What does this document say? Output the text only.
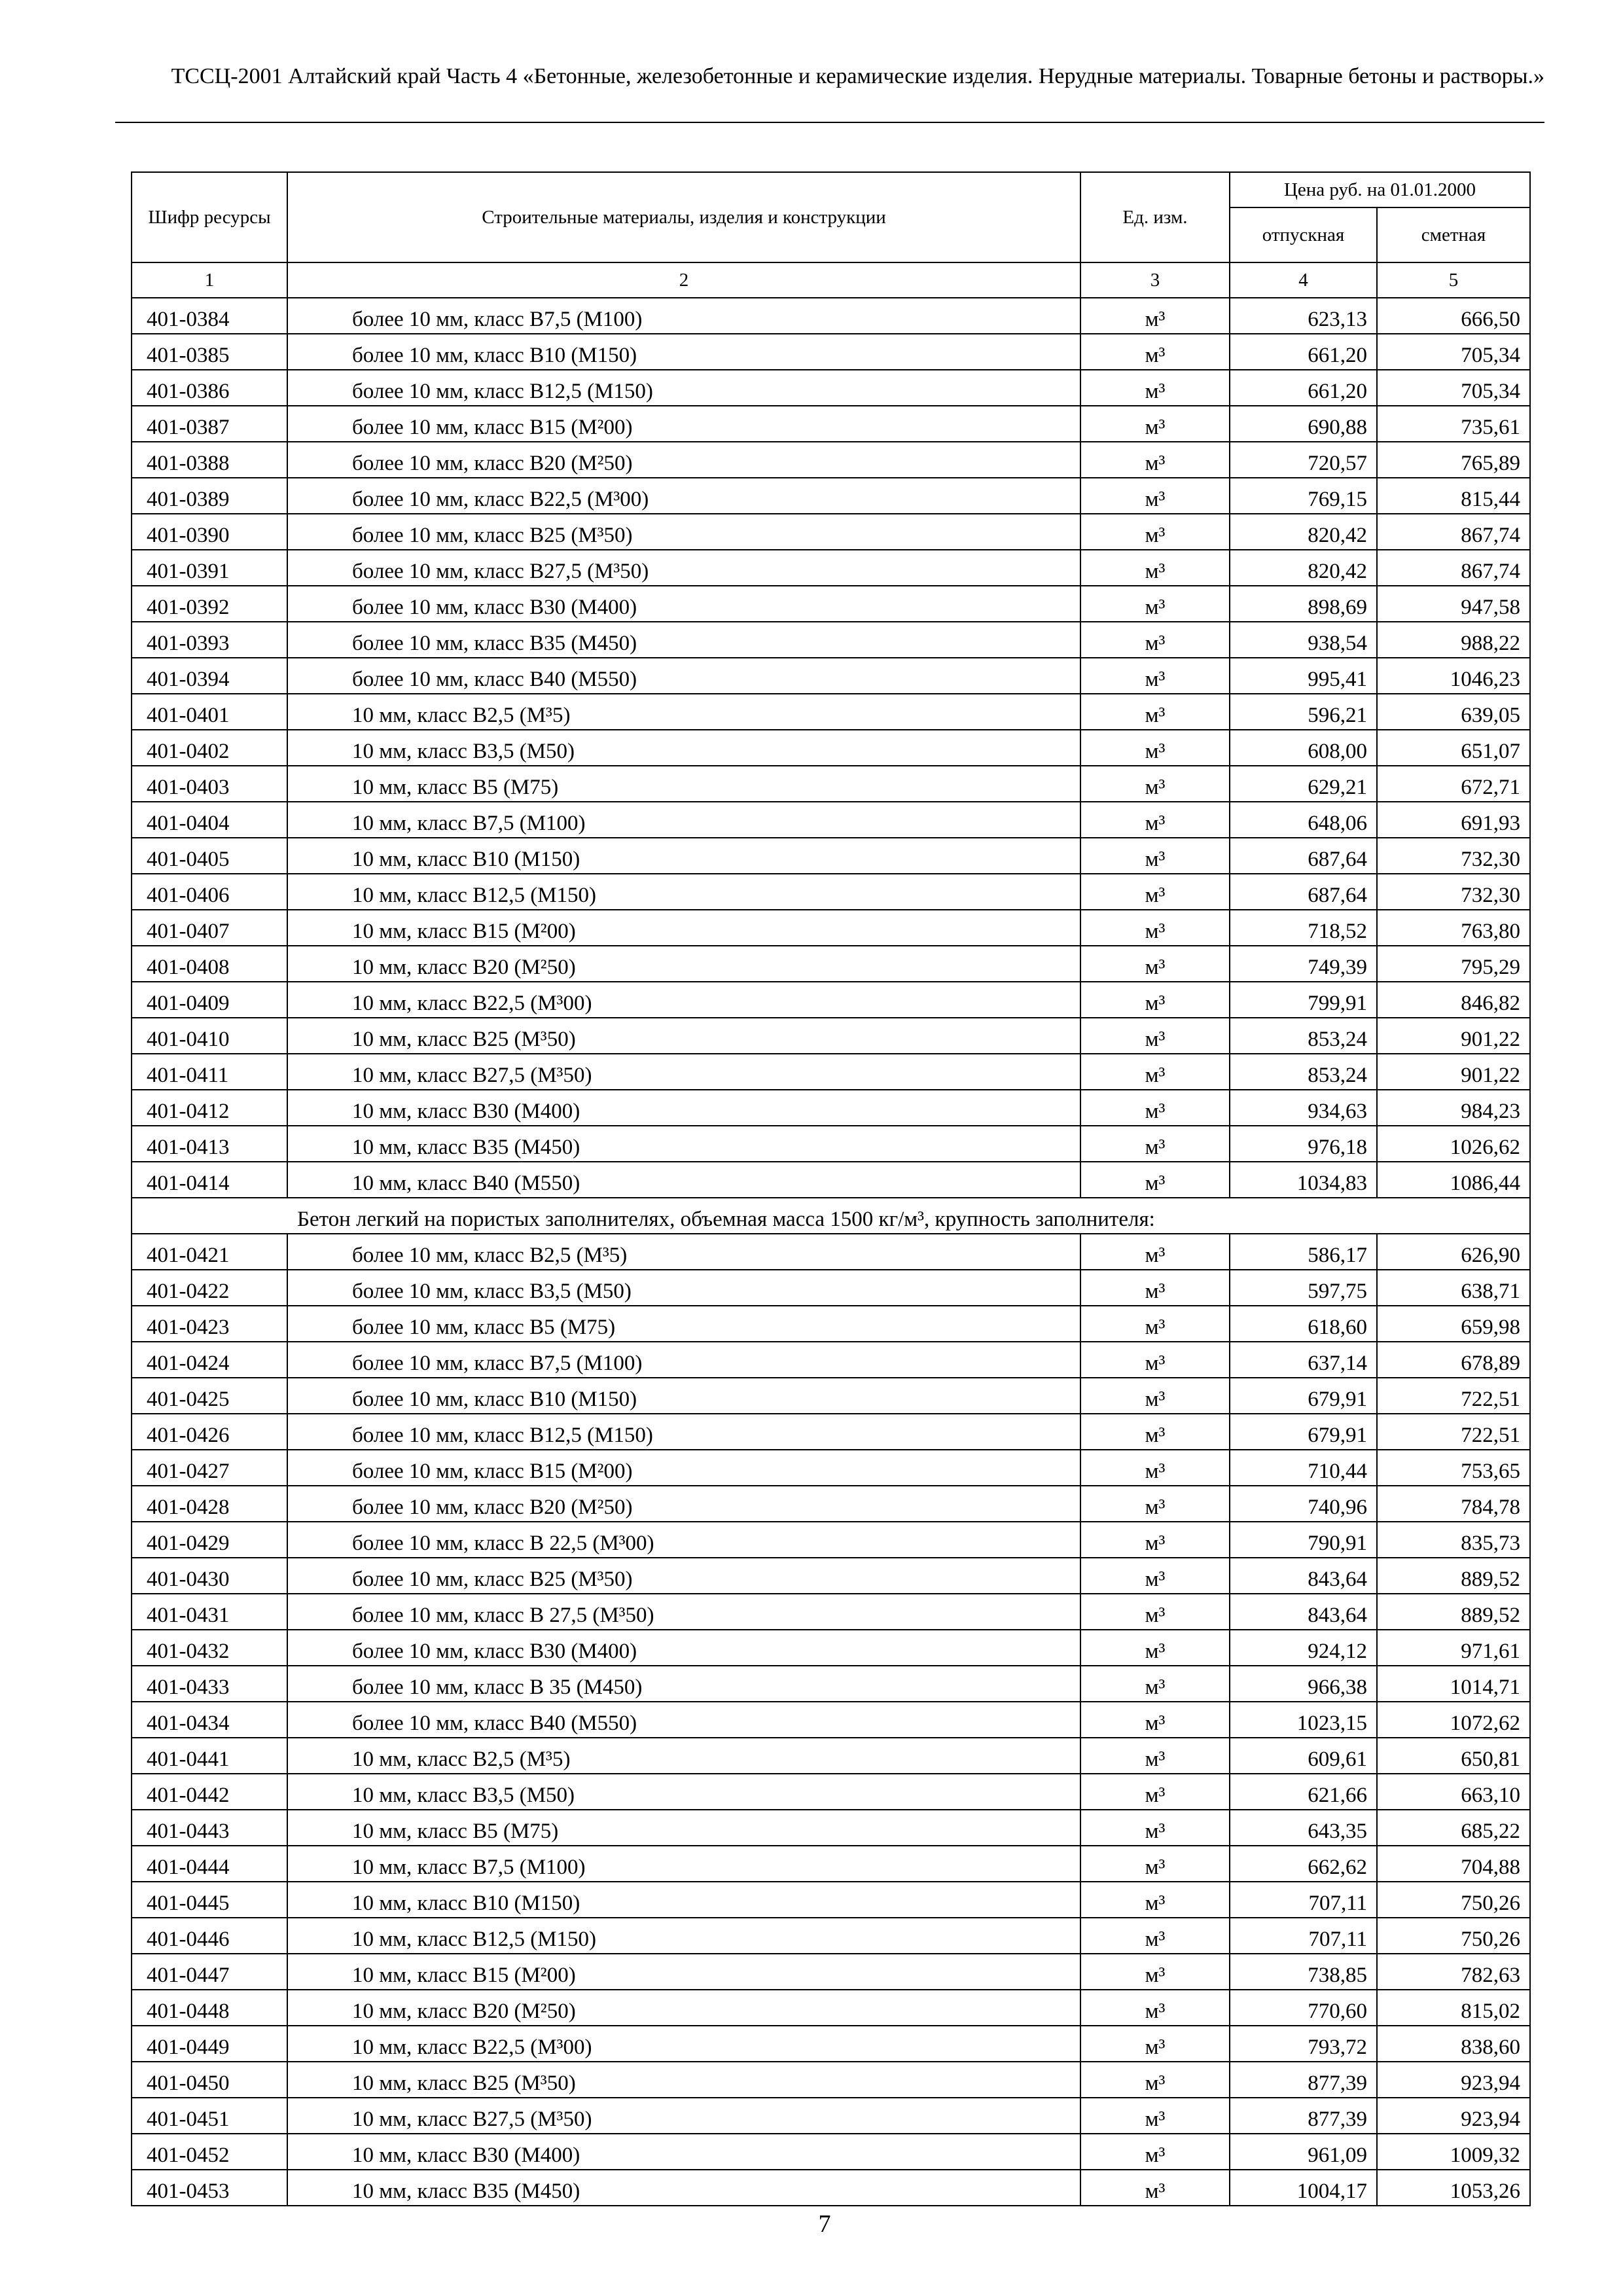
ТССЦ-2001 Алтайский край Часть 4 «Бетонные, железобетонные и керамические изделия. Нерудные материалы. Товарные бетоны и растворы.»
Шифр ресурсы	Строительные материалы, изделия и конструкции	Ед. изм.	Цена руб. на 01.01.2000	
			отпускная	сметная
1	2	3	4	5
401-0384	более 10 мм, класс В7,5 (М100)	м³	623,13	666,50
401-0385	более 10 мм, класс В10 (М150)	м³	661,20	705,34
401-0386	более 10 мм, класс В12,5 (М150)	м³	661,20	705,34
401-0387	более 10 мм, класс В15 (М²00)	м³	690,88	735,61
401-0388	более 10 мм, класс В20 (М²50)	м³	720,57	765,89
401-0389	более 10 мм, класс В22,5 (М³00)	м³	769,15	815,44
401-0390	более 10 мм, класс В25 (М³50)	м³	820,42	867,74
401-0391	более 10 мм, класс В27,5 (М³50)	м³	820,42	867,74
401-0392	более 10 мм, класс В30 (М400)	м³	898,69	947,58
401-0393	более 10 мм, класс В35 (М450)	м³	938,54	988,22
401-0394	более 10 мм, класс В40 (М550)	м³	995,41	1046,23
401-0401	10 мм, класс В2,5 (М³5)	м³	596,21	639,05
401-0402	10 мм, класс В3,5 (М50)	м³	608,00	651,07
401-0403	10 мм, класс В5 (М75)	м³	629,21	672,71
401-0404	10 мм, класс В7,5 (М100)	м³	648,06	691,93
401-0405	10 мм, класс В10 (М150)	м³	687,64	732,30
401-0406	10 мм, класс В12,5 (М150)	м³	687,64	732,30
401-0407	10 мм, класс В15 (М²00)	м³	718,52	763,80
401-0408	10 мм, класс В20 (М²50)	м³	749,39	795,29
401-0409	10 мм, класс В22,5 (М³00)	м³	799,91	846,82
401-0410	10 мм, класс В25 (М³50)	м³	853,24	901,22
401-0411	10 мм, класс В27,5 (М³50)	м³	853,24	901,22
401-0412	10 мм, класс В30 (М400)	м³	934,63	984,23
401-0413	10 мм, класс В35 (М450)	м³	976,18	1026,62
401-0414	10 мм, класс В40 (М550)	м³	1034,83	1086,44
Бетон легкий на пористых заполнителях, объемная масса 1500 кг/м³, крупность заполнителя:				
401-0421	более 10 мм, класс В2,5 (М³5)	м³	586,17	626,90
401-0422	более 10 мм, класс В3,5 (М50)	м³	597,75	638,71
401-0423	более 10 мм, класс В5 (М75)	м³	618,60	659,98
401-0424	более 10 мм, класс В7,5 (М100)	м³	637,14	678,89
401-0425	более 10 мм, класс В10 (М150)	м³	679,91	722,51
401-0426	более 10 мм, класс В12,5 (М150)	м³	679,91	722,51
401-0427	более 10 мм, класс В15 (М²00)	м³	710,44	753,65
401-0428	более 10 мм, класс В20 (М²50)	м³	740,96	784,78
401-0429	более 10 мм, класс В 22,5 (М³00)	м³	790,91	835,73
401-0430	более 10 мм, класс В25 (М³50)	м³	843,64	889,52
401-0431	более 10 мм, класс В 27,5 (М³50)	м³	843,64	889,52
401-0432	более 10 мм, класс В30 (М400)	м³	924,12	971,61
401-0433	более 10 мм, класс В 35 (М450)	м³	966,38	1014,71
401-0434	более 10 мм, класс В40 (М550)	м³	1023,15	1072,62
401-0441	10 мм, класс В2,5 (М³5)	м³	609,61	650,81
401-0442	10 мм, класс В3,5 (М50)	м³	621,66	663,10
401-0443	10 мм, класс В5 (М75)	м³	643,35	685,22
401-0444	10 мм, класс В7,5 (М100)	м³	662,62	704,88
401-0445	10 мм, класс В10 (М150)	м³	707,11	750,26
401-0446	10 мм, класс В12,5 (М150)	м³	707,11	750,26
401-0447	10 мм, класс В15 (М²00)	м³	738,85	782,63
401-0448	10 мм, класс В20 (М²50)	м³	770,60	815,02
401-0449	10 мм, класс В22,5 (М³00)	м³	793,72	838,60
401-0450	10 мм, класс В25 (М³50)	м³	877,39	923,94
401-0451	10 мм, класс В27,5 (М³50)	м³	877,39	923,94
401-0452	10 мм, класс В30 (М400)	м³	961,09	1009,32
401-0453	10 мм, класс В35 (М450)	м³	1004,17	1053,26
7
